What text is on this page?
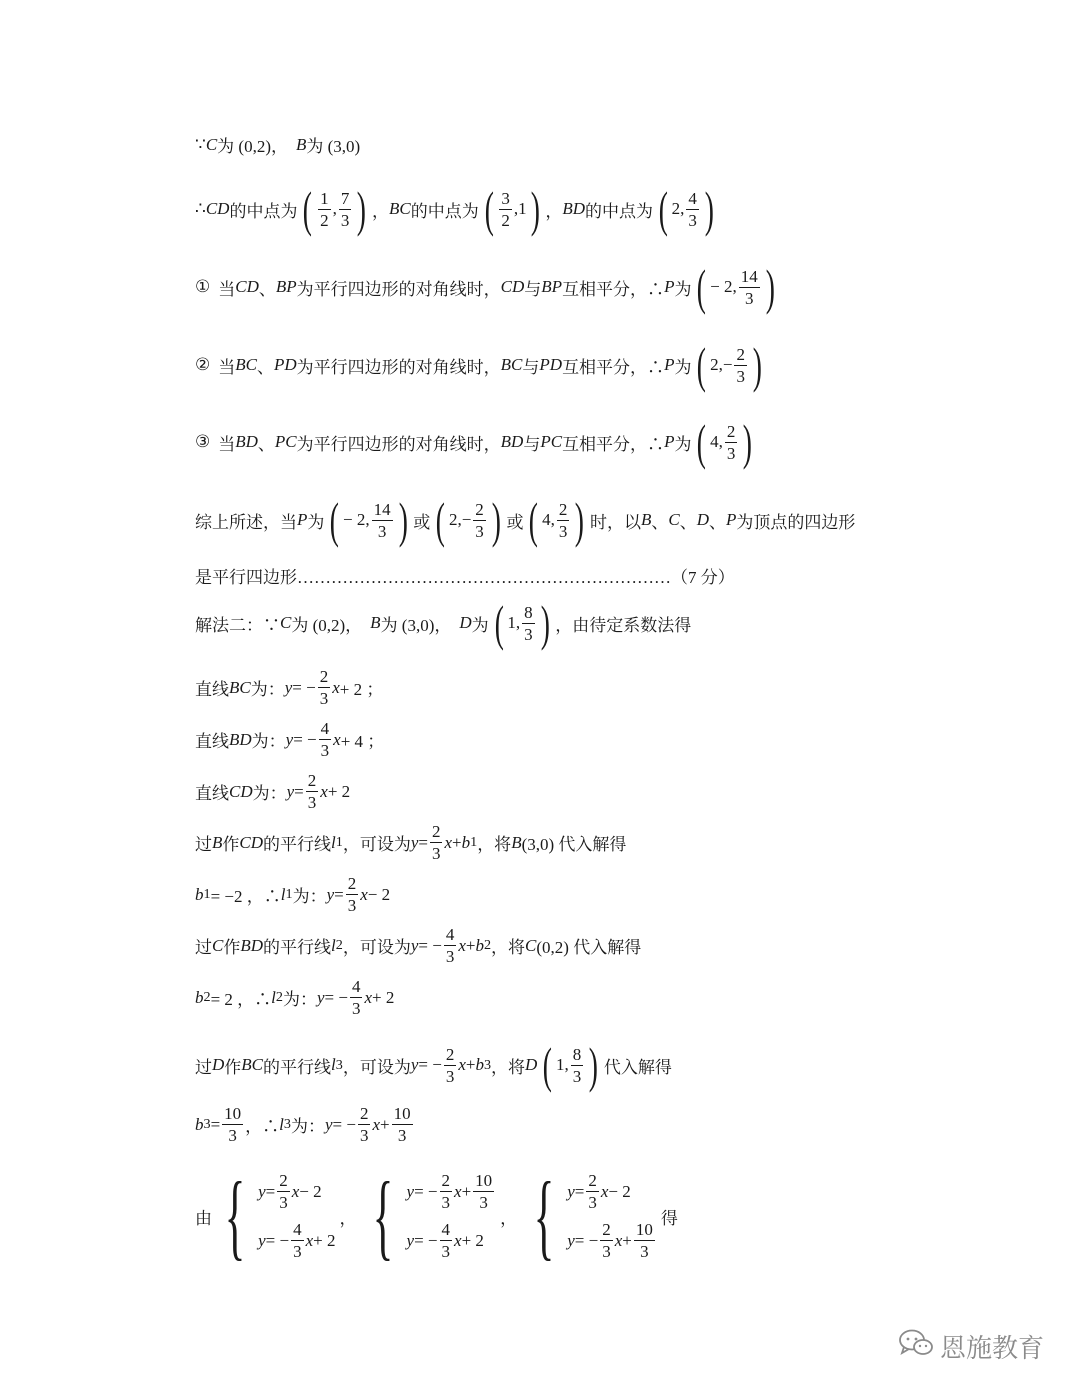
∵ C 为 (0,2)， B 为 (3,0)
∴ CD 的中点为 ( $\frac{1}{2}$ , $\frac{7}{3}$ ) ， BC 的中点为 ( $\frac{3}{2} ,1$ ) ， BD 的中点为 ( 2, $\frac{4}{3}$ )
① 当 CD 、 BP 为平行四边形的对角线时， CD 与 BP 互相平分，∴ P 为 ( − 2, $\frac{14}{3}$ )
② 当 BC 、 PD 为平行四边形的对角线时， BC 与 PD 互相平分，∴ P 为 ( $2,- \frac{2}{3}$ )
③ 当 BD 、 PC 为平行四边形的对角线时， BD 与 PC 互相平分，∴ P 为 ( 4, $\frac{2}{3}$ )
综上所述，当 P 为 ( − 2, $\frac{14}{3}$ ) 或 ( $2,- \frac{2}{3}$ ) 或 ( 4, $\frac{2}{3}$ ) 时，以 B 、 C 、 D 、 P 为顶点的四边形
是平行四边形…………………………………………………………（7 分）
解法二：∵ C 为 (0,2)， B 为 (3,0)， D 为 ( 1, $\frac{8}{3}$ ) ，由待定系数法得
直线 BC 为： y = − $\frac{2}{3}$ x + 2 ；
直线 BD 为： y = − $\frac{4}{3}$ x + 4 ；
直线 CD 为： $y = \frac{2}{3}$ x + 2
过 B 作 CD 的平行线 l 1 ，可设为 $y = \frac{2}{3}$ x + b 1 ，将 B (3,0) 代入解得
b 1 = −2 ，∴ l 1 为： $y = \frac{2}{3}$ x − 2
过 C 作 BD 的平行线 l 2 ，可设为 y = − $\frac{4}{3}$ x + b 2 ，将 C (0,2) 代入解得
b 2 = 2 ，∴ l 2 为： y = − $\frac{4}{3}$ x + 2
过 D 作 BC 的平行线 l 3 ，可设为 y = − $\frac{2}{3}$ x + b 3 ，将 D ( 1, $\frac{8}{3}$ ) 代入解得
b $3 = \frac{10}{3}$ ，∴ l 3 为： y = − $\frac{2}{3}$ $x + \frac{10}{3}$
由 { $y = \frac{2}{3}$ x − 2
y = − $\frac{4}{3}$ x + 2
， { y = − $\frac{2}{3}$ $x + \frac{10}{3}$
y = − $\frac{4}{3}$ x + 2
， { $y = \frac{2}{3}$ x − 2
y = − $\frac{2}{3}$ $x + \frac{10}{3}$
得
恩施教育
